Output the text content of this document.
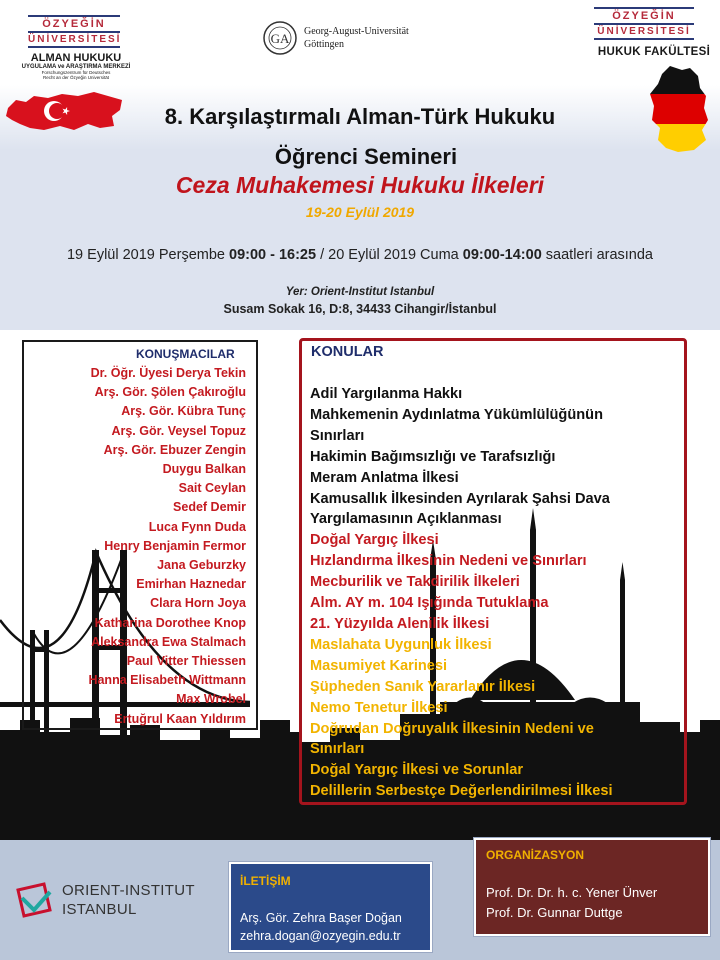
ÖZYEĞİN
ÜNİVERSİTESİ
ALMAN HUKUKU
UYGULAMA ve ARAŞTIRMA MERKEZİ
Forschungszentrum für Deutsches
Recht an der Özyeğin Universität
GA Georg-August-Universität
Göttingen
ÖZYEĞİN
ÜNİVERSİTESİ
HUKUK FAKÜLTESİ
8. Karşılaştırmalı Alman-Türk Hukuku
Öğrenci Semineri
Ceza Muhakemesi Hukuku İlkeleri
19-20 Eylül 2019
19 Eylül 2019 Perşembe 09:00 - 16:25 / 20 Eylül 2019 Cuma 09:00-14:00 saatleri arasında
Yer: Orient-Institut Istanbul
Susam Sokak 16, D:8, 34433 Cihangir/İstanbul
KONUŞMACILAR
Dr. Öğr. Üyesi Derya Tekin
Arş. Gör. Şölen Çakıroğlu
Arş. Gör. Kübra Tunç
Arş. Gör. Veysel Topuz
Arş. Gör. Ebuzer Zengin
Duygu Balkan
Sait Ceylan
Sedef Demir
Luca Fynn Duda
Henry Benjamin Fermor
Jana Geburzky
Emirhan Haznedar
Clara Horn Joya
Katharina Dorothee Knop
Aleksandra Ewa Stalmach
Paul Vitter Thiessen
Hanna Elisabeth Wittmann
Max Wrobel
Ertuğrul Kaan Yıldırım
KONULAR
Adil Yargılanma Hakkı
Mahkemenin Aydınlatma Yükümlülüğünün
Sınırları
Hakimin Bağımsızlığı ve Tarafsızlığı
Meram Anlatma İlkesi
Kamusallık İlkesinden Ayrılarak Şahsi Dava
Yargılamasının Açıklanması
Doğal Yargıç İlkesi
Hızlandırma İlkesinin Nedeni ve Sınırları
Mecburilik ve Takdirilik İlkeleri
Alm. AY m. 104 Işığında Tutuklama
21. Yüzyılda Alenilik İlkesi
Maslahata Uygunluk İlkesi
Masumiyet Karinesi
Şüpheden Sanık Yararlanır İlkesi
Nemo Tenetur İlkesi
Doğrudan Doğruyalık İlkesinin Nedeni ve
Sınırları
Doğal Yargıç İlkesi ve Sorunlar
Delillerin Serbestçe Değerlendirilmesi İlkesi
ORIENT-INSTITUT
ISTANBUL
İLETİŞİM
Arş. Gör. Zehra Başer Doğan
zehra.dogan@ozyegin.edu.tr
ORGANİZASYON
Prof. Dr. Dr. h. c. Yener Ünver
Prof. Dr. Gunnar Duttge
